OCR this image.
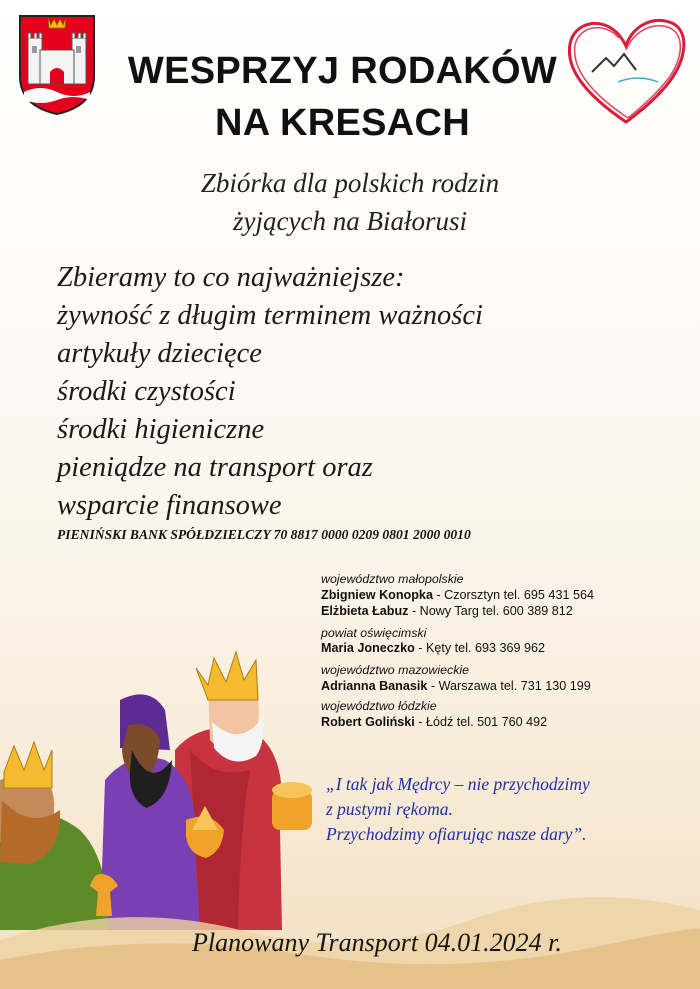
WESPRZYJ RODAKÓW
NA KRESACH
Zbiórka dla polskich rodzin
żyjących na Białorusi
Zbieramy to co najważniejsze:
żywność z długim terminem ważności
artykuły dziecięce
środki czystości
środki higieniczne
pieniądze na transport oraz
wsparcie finansowe
PIENIŃSKI BANK SPÓŁDZIELCZY 70 8817 0000 0209 0801 2000 0010
województwo małopolskie
Zbigniew Konopka - Czorsztyn tel. 695 431 564
Elżbieta Łabuz - Nowy Targ tel. 600 389 812
powiat oświęcimski
Maria Joneczko - Kęty tel. 693 369 962
województwo mazowieckie
Adrianna Banasik - Warszawa tel. 731 130 199
województwo łódzkie
Robert Goliński - Łódź tel. 501 760 492
„I tak jak Mędrcy – nie przychodzimy
z pustymi rękoma.
Przychodzimy ofiarując nasze dary”.
Planowany Transport 04.01.2024 r.
